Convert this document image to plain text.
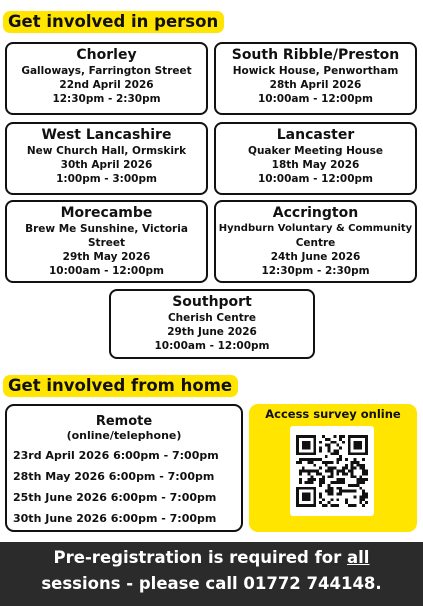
Get involved in person
Chorley
Galloways, Farrington Street
22nd April 2026
12:30pm - 2:30pm
South Ribble/Preston
Howick House, Penwortham
28th April 2026
10:00am - 12:00pm
West Lancashire
New Church Hall, Ormskirk
30th April 2026
1:00pm - 3:00pm
Lancaster
Quaker Meeting House
18th May 2026
10:00am - 12:00pm
Morecambe
Brew Me Sunshine, Victoria
Street
29th May 2026
10:00am - 12:00pm
Accrington
Hyndburn Voluntary & Community
Centre
24th June 2026
12:30pm - 2:30pm
Southport
Cherish Centre
29th June 2026
10:00am - 12:00pm
Get involved from home
Remote
(online/telephone)
23rd April 2026 6:00pm - 7:00pm
28th May 2026 6:00pm - 7:00pm
25th June 2026 6:00pm - 7:00pm
30th June 2026 6:00pm - 7:00pm
Access survey online
Pre-registration is required for all
sessions - please call 01772 744148.
